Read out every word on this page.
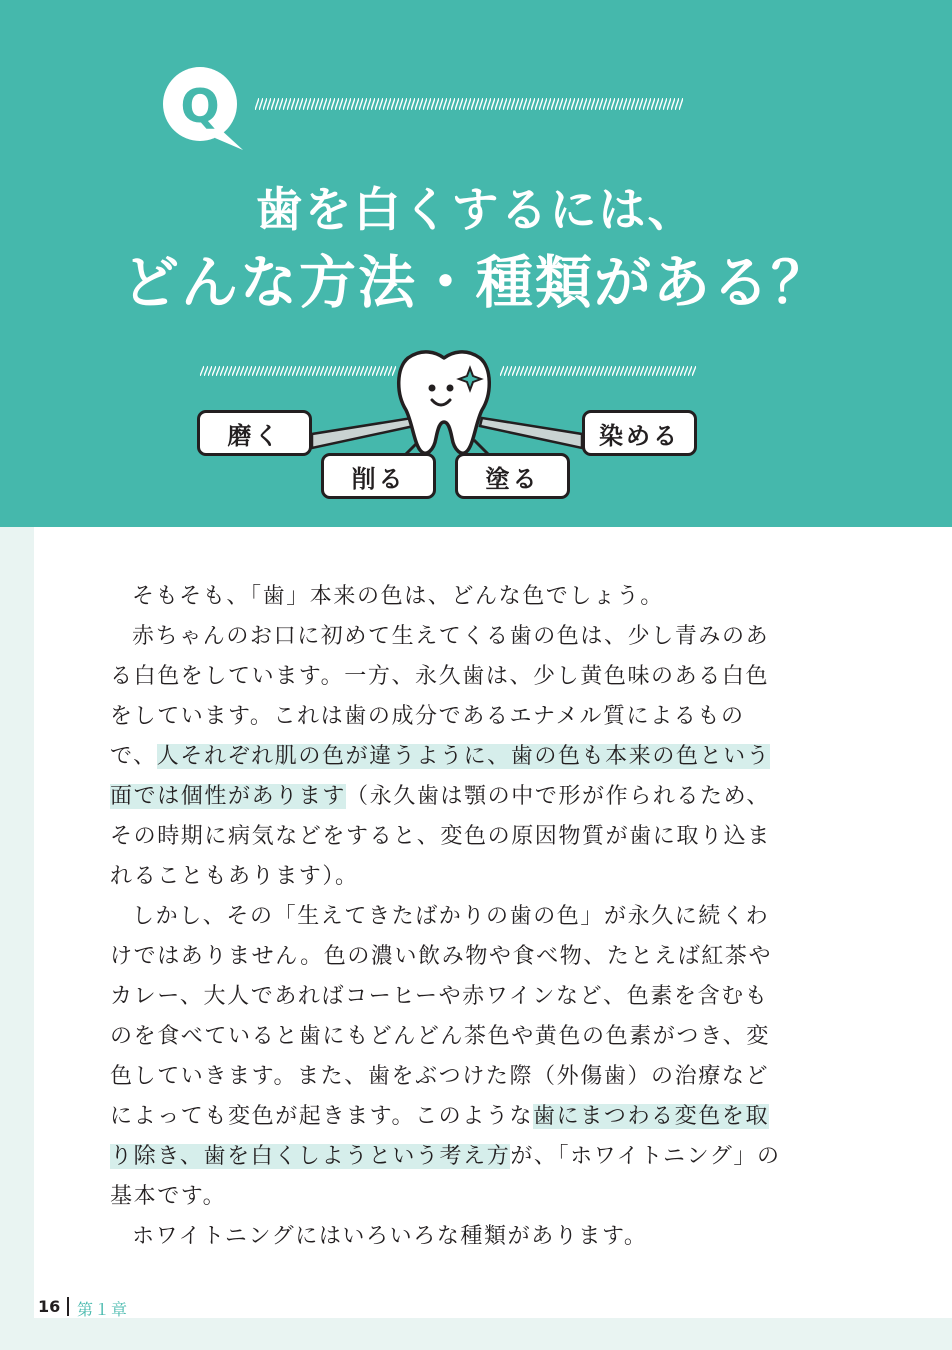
Q
歯を白くするには、
どんな方法・種類がある？
磨く
削る	塗る
染める

そもそも、「歯」本来の色は、どんな色でしょう。

赤ちゃんのお口に初めて生えてくる歯の色は、少し青みのある白色をしています。一方、永久歯は、少し黄色味のある白色をしています。これは歯の成分であるエナメル質によるもので、人それぞれ肌の色が違うように、歯の色も本来の色という面では個性があります（永久歯は顎の中で形が作られるため、その時期に病気などをすると、変色の原因物質が歯に取り込まれることもあります）。

しかし、その「生えてきたばかりの歯の色」が永久に続くわけではありません。色の濃い飲み物や食べ物、たとえば紅茶やカレー、大人であればコーヒーや赤ワインなど、色素を含むものを食べていると歯にもどんどん茶色や黄色の色素がつき、変色していきます。また、歯をぶつけた際（外傷歯）の治療などによっても変色が起きます。このような歯にまつわる変色を取り除き、歯を白くしようという考え方が、「ホワイトニング」の基本です。

ホワイトニングにはいろいろな種類があります。

16 第１章
